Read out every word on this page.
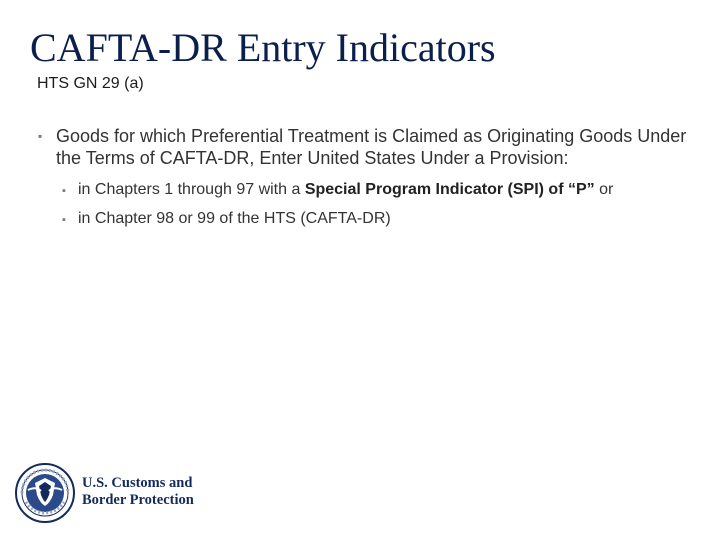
CAFTA-DR Entry Indicators
HTS GN 29 (a)
▪ Goods for which Preferential Treatment is Claimed as Originating Goods Under the Terms of CAFTA-DR, Enter United States Under a Provision:
▪ in Chapters 1 through 97 with a Special Program Indicator (SPI) of “P” or
▪ in Chapter 98 or 99 of the HTS (CAFTA-DR)
U.S. Customs and
Border Protection
